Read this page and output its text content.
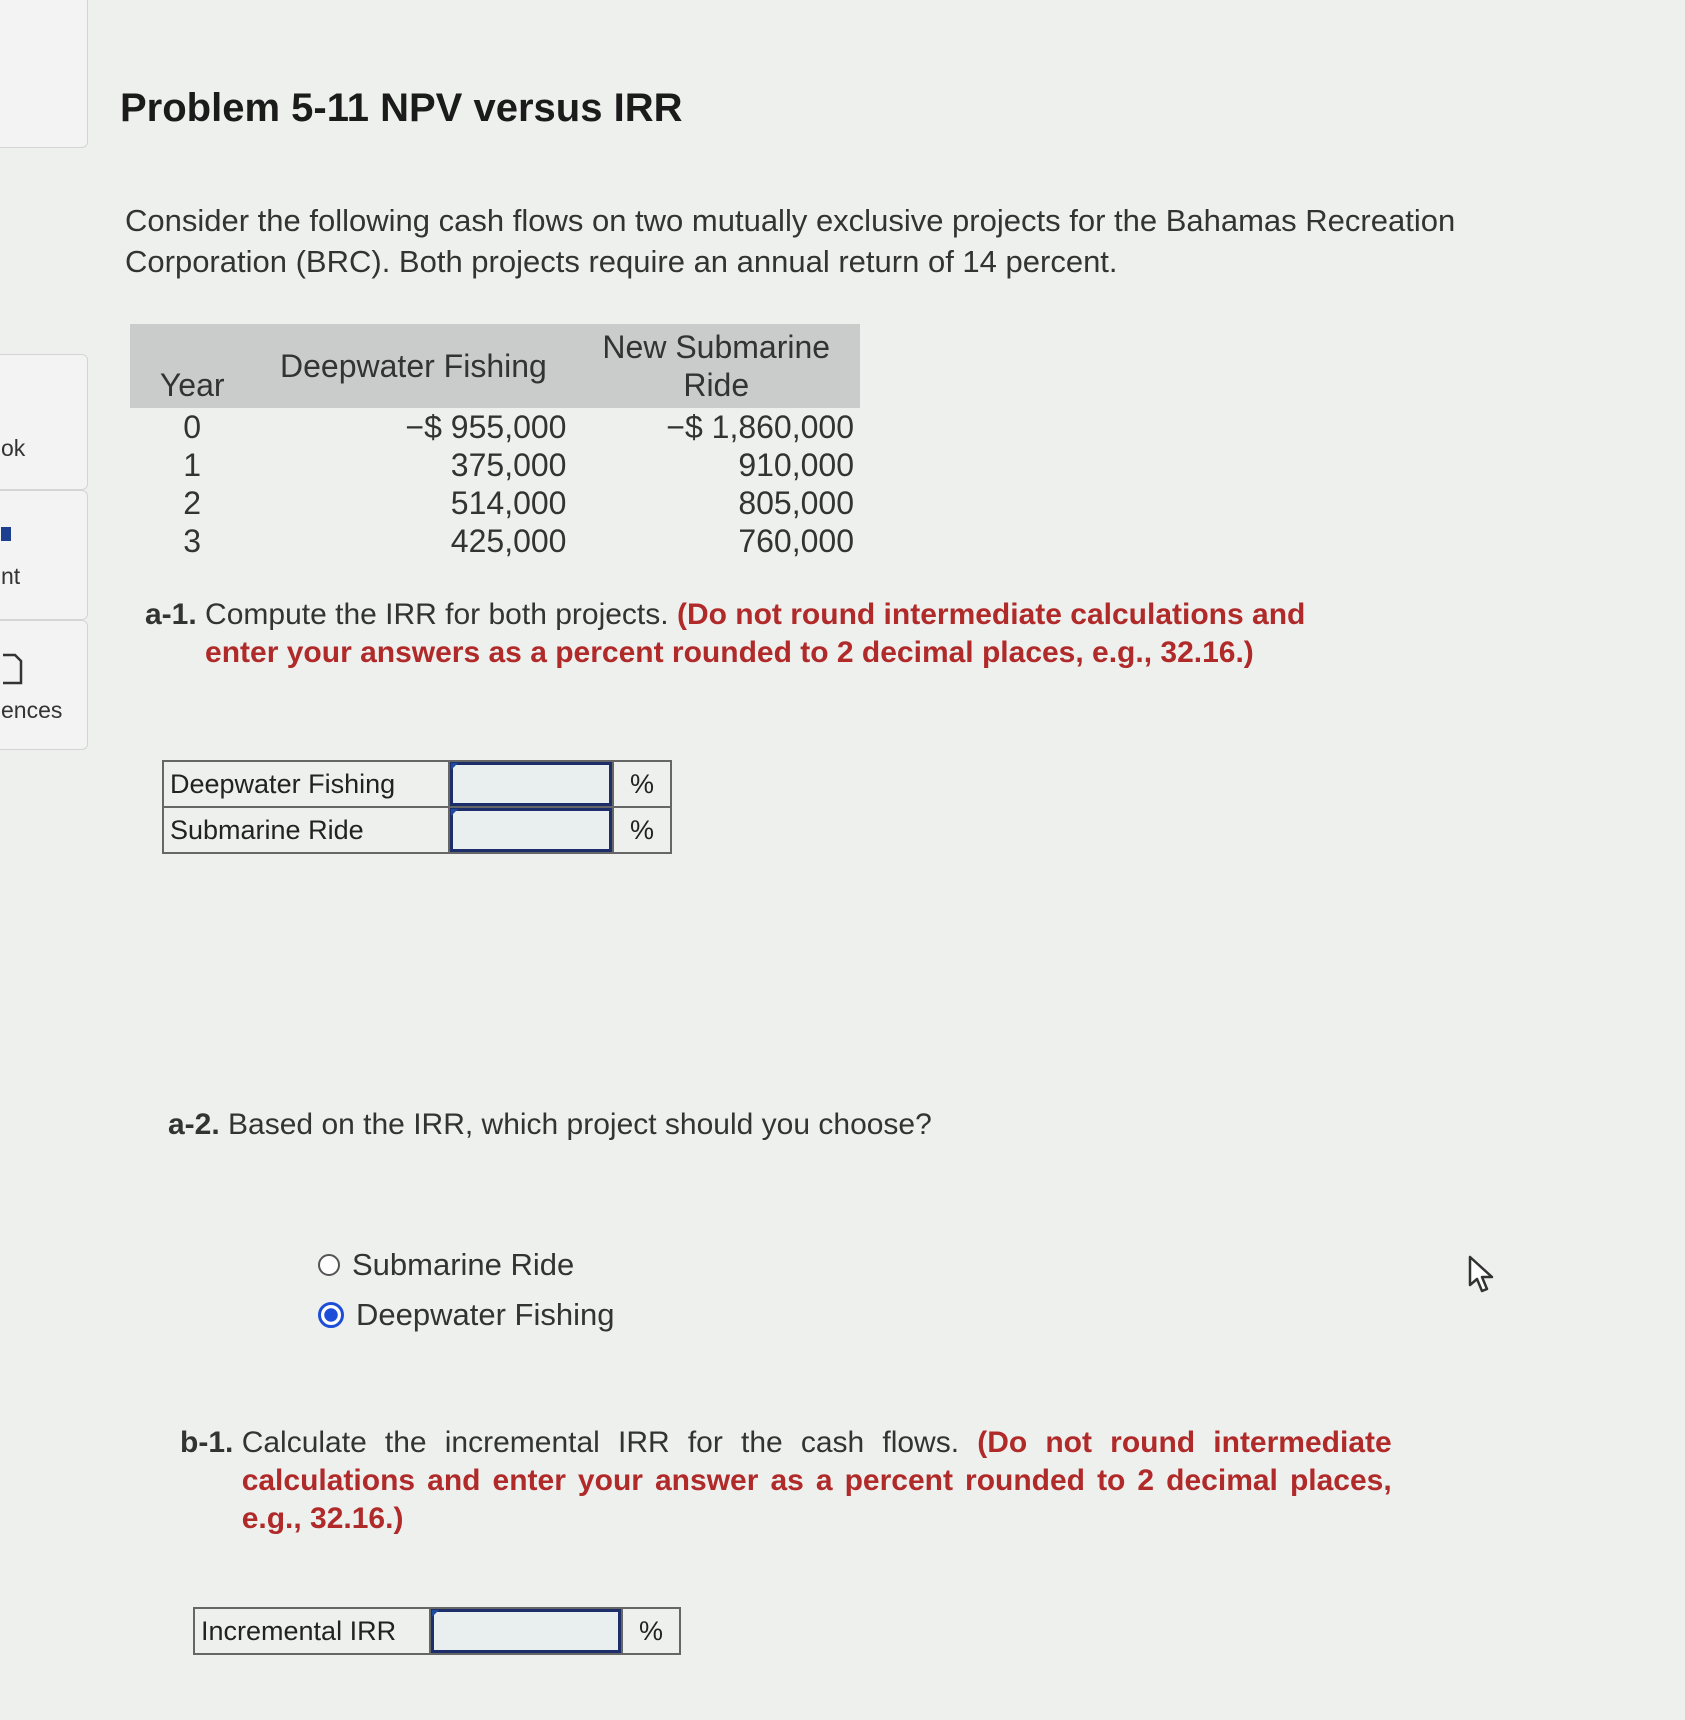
ok
nt
ences
Problem 5-11 NPV versus IRR
Consider the following cash flows on two mutually exclusive projects for the Bahamas Recreation Corporation (BRC). Both projects require an annual return of 14 percent.
Year	Deepwater Fishing	New Submarine Ride
0	−$ 955,000	−$ 1,860,000
1	375,000	910,000
2	514,000	805,000
3	425,000	760,000
a-1. Compute the IRR for both projects. (Do not round intermediate calculations and enter your answers as a percent rounded to 2 decimal places, e.g., 32.16.)
Deepwater Fishing		%
Submarine Ride		%
a-2. Based on the IRR, which project should you choose?
Submarine Ride
Deepwater Fishing
b-1. Calculate the incremental IRR for the cash flows. (Do not round intermediate calculations and enter your answer as a percent rounded to 2 decimal places, e.g., 32.16.)
Incremental IRR		%
